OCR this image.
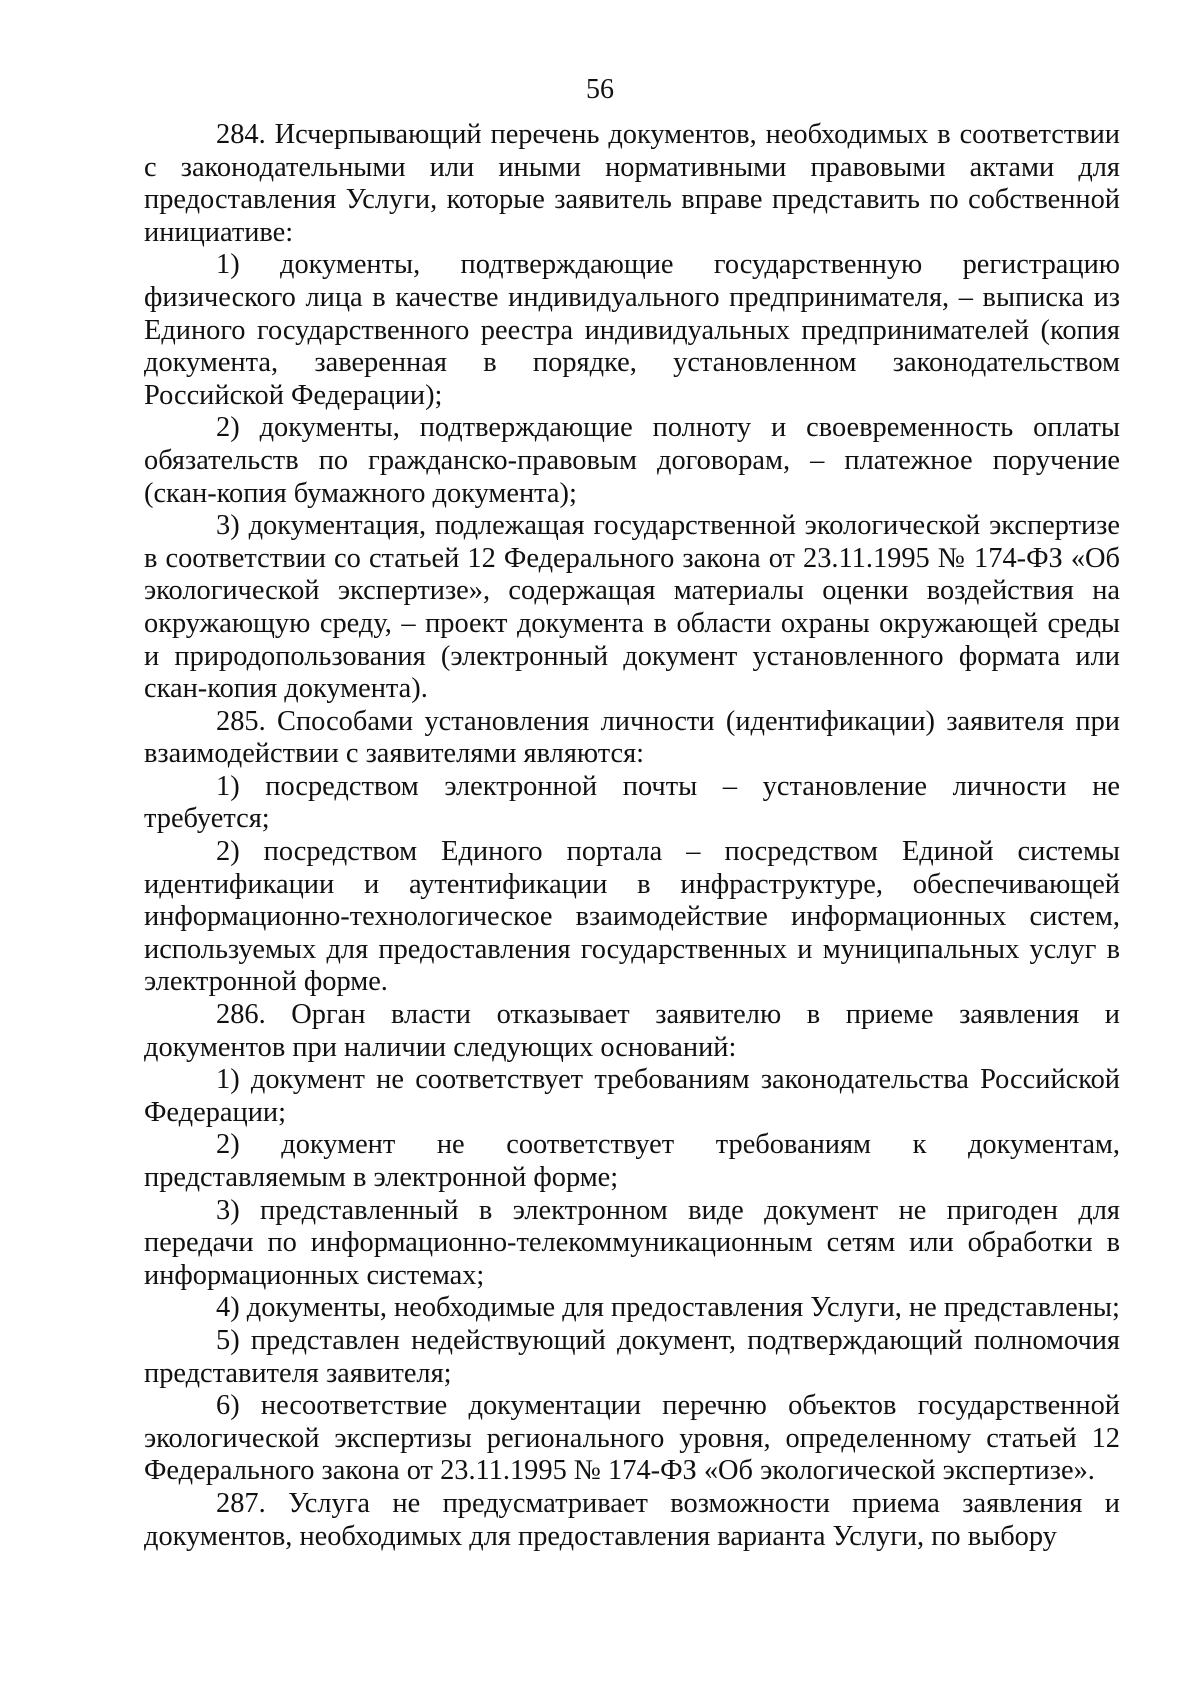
56

284. Исчерпывающий перечень документов, необходимых в соответствии с законодательными или иными нормативными правовыми актами для предоставления Услуги, которые заявитель вправе представить по собственной инициативе:

1) документы, подтверждающие государственную регистрацию физического лица в качестве индивидуального предпринимателя, – выписка из Единого государственного реестра индивидуальных предпринимателей (копия документа, заверенная в порядке, установленном законодательством Российской Федерации);

2) документы, подтверждающие полноту и своевременность оплаты обязательств по гражданско-правовым договорам, – платежное поручение (скан-копия бумажного документа);

3) документация, подлежащая государственной экологической экспертизе в соответствии со статьей 12 Федерального закона от 23.11.1995 № 174-ФЗ «Об экологической экспертизе», содержащая материалы оценки воздействия на окружающую среду, – проект документа в области охраны окружающей среды и природопользования (электронный документ установленного формата или скан-копия документа).

285. Способами установления личности (идентификации) заявителя при взаимодействии с заявителями являются:

1) посредством электронной почты – установление личности не требуется;

2) посредством Единого портала – посредством Единой системы идентификации и аутентификации в инфраструктуре, обеспечивающей информационно-технологическое взаимодействие информационных систем, используемых для предоставления государственных и муниципальных услуг в электронной форме.

286. Орган власти отказывает заявителю в приеме заявления и документов при наличии следующих оснований:

1) документ не соответствует требованиям законодательства Российской Федерации;

2) документ не соответствует требованиям к документам, представляемым в электронной форме;

3) представленный в электронном виде документ не пригоден для передачи по информационно-телекоммуникационным сетям или обработки в информационных системах;

4) документы, необходимые для предоставления Услуги, не представлены;

5) представлен недействующий документ, подтверждающий полномочия представителя заявителя;

6) несоответствие документации перечню объектов государственной экологической экспертизы регионального уровня, определенному статьей 12 Федерального закона от 23.11.1995 № 174-ФЗ «Об экологической экспертизе».

287. Услуга не предусматривает возможности приема заявления и документов, необходимых для предоставления варианта Услуги, по выбору
